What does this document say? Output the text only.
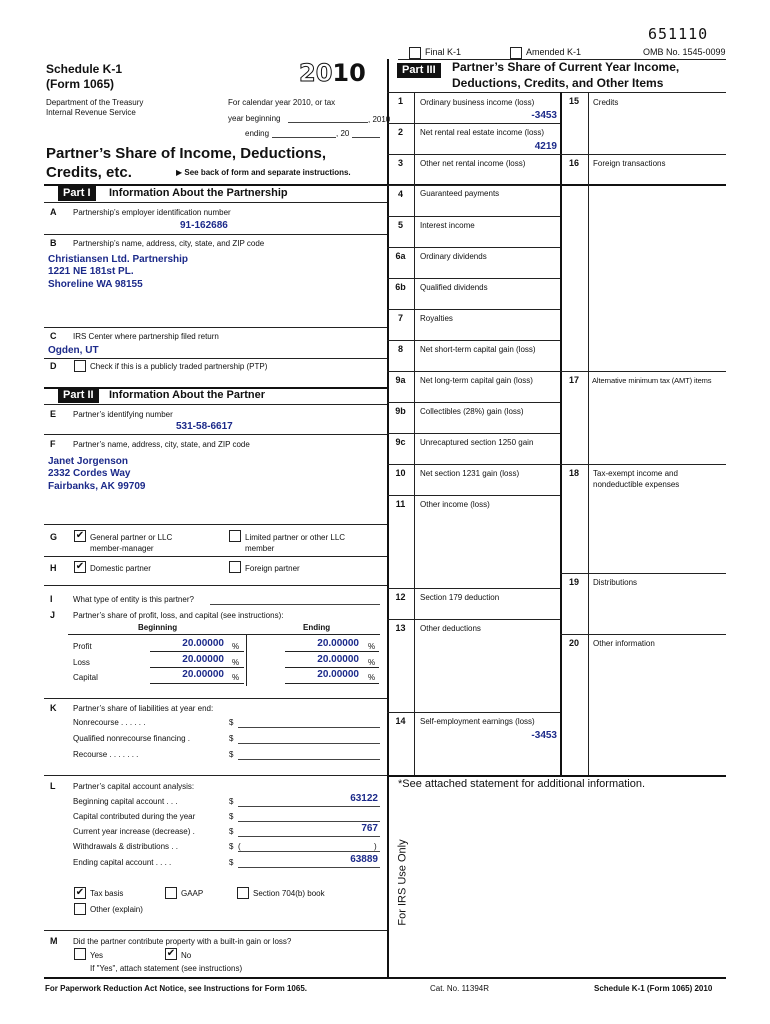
651110
Final K-1	Amended K-1	OMB No. 1545-0099
Schedule K-1
(Form 1065)	2010
Department of the Treasury
Internal Revenue Service
For calendar year 2010, or tax
year beginning	, 2010
ending	, 20
Partner’s Share of Income, Deductions,
Credits, etc.	▶ See back of form and separate instructions.
Part I	Information About the Partnership
A Partnership’s employer identification number
91-162686
B Partnership’s name, address, city, state, and ZIP code
Christiansen Ltd. Partnership
1221 NE 181st PL.
Shoreline WA 98155
C IRS Center where partnership filed return
Ogden, UT
D	Check if this is a publicly traded partnership (PTP)
Part II	Information About the Partner
E Partner’s identifying number
531-58-6617
F Partner’s name, address, city, state, and ZIP code
Janet Jorgenson
2332 Cordes Way
Fairbanks, AK 99709
G ✔ General partner or LLC
member-manager
Limited partner or other LLC
member
H ✔ Domestic partner	Foreign partner
I	What type of entity is this partner?
J Partner’s share of profit, loss, and capital (see instructions):
Beginning	Ending
Profit	20.00000 %	20.00000 %
Loss	20.00000 %	20.00000 %
Capital	20.00000 %	20.00000 %
K Partner’s share of liabilities at year end:
Nonrecourse . . . . . .	$
Qualified nonrecourse financing .	$
Recourse . . . . . . .	$
L Partner’s capital account analysis:
Beginning capital account . . .	$	63122
Capital contributed during the year	$
Current year increase (decrease) .	$	767
Withdrawals & distributions . .	$ (	)
Ending capital account . . . .	$	63889
✔ Tax basis	GAAP	Section 704(b) book
Other (explain)
M Did the partner contribute property with a built-in gain or loss?
Yes	✔ No
If "Yes", attach statement (see instructions)
Part III	Partner’s Share of Current Year Income,
Deductions, Credits, and Other Items
1	Ordinary business income (loss)
-3453
2	Net rental real estate income (loss)
4219
3	Other net rental income (loss)
4	Guaranteed payments
5	Interest income
6a	Ordinary dividends
6b	Qualified dividends
7	Royalties
8	Net short-term capital gain (loss)
9a	Net long-term capital gain (loss)
9b	Collectibles (28%) gain (loss)
9c	Unrecaptured section 1250 gain
10	Net section 1231 gain (loss)
11	Other income (loss)
12	Section 179 deduction
13	Other deductions
14	Self-employment earnings (loss)
-3453
15	Credits
16	Foreign transactions
17	Alternative minimum tax (AMT) items
18	Tax-exempt income and
nondeductible expenses
19	Distributions
20	Other information
*See attached statement for additional information.
For IRS Use Only
For Paperwork Reduction Act Notice, see Instructions for Form 1065.	Cat. No. 11394R	Schedule K-1 (Form 1065) 2010
